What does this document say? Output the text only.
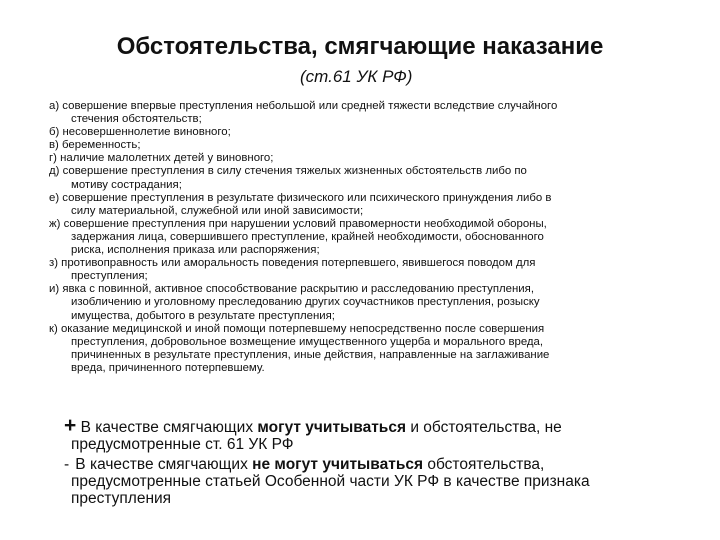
Обстоятельства, смягчающие наказание
(ст.61 УК РФ)
а) совершение впервые преступления небольшой или средней тяжести вследствие случайного
стечения обстоятельств;
б) несовершеннолетие виновного;
в) беременность;
г) наличие малолетних детей у виновного;
д) совершение преступления в силу стечения тяжелых жизненных обстоятельств либо по
мотиву сострадания;
е) совершение преступления в результате физического или психического принуждения либо в
силу материальной, служебной или иной зависимости;
ж) совершение преступления при нарушении условий правомерности необходимой обороны,
задержания лица, совершившего преступление, крайней необходимости, обоснованного
риска, исполнения приказа или распоряжения;
з) противоправность или аморальность поведения потерпевшего, явившегося поводом для
преступления;
и) явка с повинной, активное способствование раскрытию и расследованию преступления,
изобличению и уголовному преследованию других соучастников преступления, розыску
имущества, добытого в результате преступления;
к) оказание медицинской и иной помощи потерпевшему непосредственно после совершения
преступления, добровольное возмещение имущественного ущерба и морального вреда,
причиненных в результате преступления, иные действия, направленные на заглаживание
вреда, причиненного потерпевшему.
+ В качестве смягчающих могут учитываться и обстоятельства, не
предусмотренные ст. 61 УК РФ
- В качестве смягчающих не могут учитываться обстоятельства,
предусмотренные статьей Особенной части УК РФ в качестве признака
преступления
